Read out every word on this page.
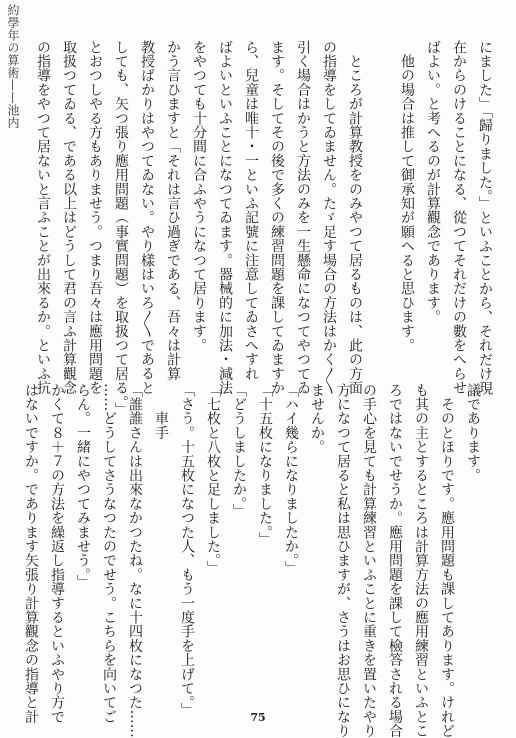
約學年の算術——池内	にました」「歸りました。」といふことから、それだけ現
在からのけることになる、從つてそれだけの數をへらせ
ばよい。と考へるのが計算觀念であります。
　他の場合は推して御承知が願へると思ひます。

　ところが計算教授をのみやつて居るものは、此の方面
の指導をしてゐません。たゞ足す場合の方法はかく〳〵
引く場合はかうと方法のみを一生懸命になつてやつてゐ
ます。そしてその後で多くの練習問題を課してゐますか
ら、兒童は唯十・一といふ記號に注意してゐさへすれ
ばよいといふことになつてゐます。器械的に加法・減法
をやつても十分間に合ふやうになつて居ります。
かう言ひますと「それは言ひ過ぎである、吾々は計算
教授ばかりはやつてゐない。やり樣はいろ〳〵であると
しても、矢つ張り應用問題（事實問題）を取扱つて居る。」
とおつしやる方もありませう。つまり吾々は應用問題を
取扱つてゐる、である以上はどうして君の言ふ計算觀念
の指導をやつて居ないと言ふことが出來るか。といふ抗
議であります。
　そのとほりです。應用問題も課してあります。けれど
も其の主とするところは計算方法の應用練習といふとこ
ろではないでせうか。應用問題を課して檢答される場合
の手心を見ても計算練習といふことに重きを置いたやり
方になつて居ると私は思ひますが、さうはお思ひになり
ませんか。
「ハイ幾らになりましたか。」
「十五枚になりました。」
「どうしましたか。」
「七枚と八枚と足しました。」
「さう。十五枚になつた人、もう一度手を上げて。」
　　車手
「誰誰さんは出來なかつたね。なに十四枚になつた……
……どうしてさうなつたのでせう。こちらを向いてご
らん。一緒にやつてみませう。」
かくて８＋７の方法を繰返し指導するといふやり方で
はないですか。であります矢張り計算觀念の指導と計	75
